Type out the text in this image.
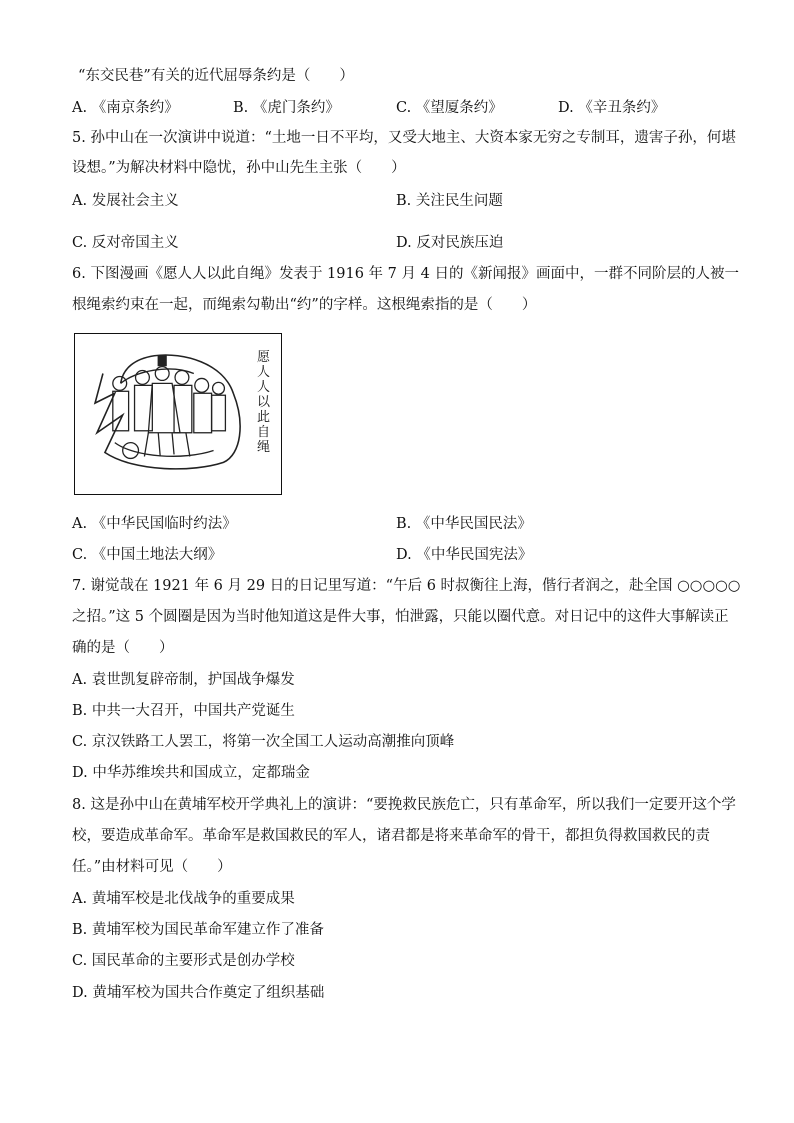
“东交民巷”有关的近代屈辱条约是（　　）
A. 《南京条约》	B. 《虎门条约》	C. 《望厦条约》	D. 《辛丑条约》
5. 孙中山在一次演讲中说道：“土地一日不平均，又受大地主、大资本家无穷之专制耳，遗害子孙，何堪
设想。”为解决材料中隐忧，孙中山先生主张（　　）
A. 发展社会主义	B. 关注民生问题
C. 反对帝国主义	D. 反对民族压迫
6. 下图漫画《愿人人以此自绳》发表于 1916 年 7 月 4 日的《新闻报》画面中，一群不同阶层的人被一
根绳索约束在一起，而绳索勾勒出“约”的字样。这根绳索指的是（　　）
愿人人以此自绳
A. 《中华民国临时约法》	B. 《中华民国民法》
C. 《中国土地法大纲》	D. 《中华民国宪法》
7. 谢觉哉在 1921 年 6 月 29 日的日记里写道：“午后 6 时叔衡往上海，偕行者润之，赴全国 ○○○○○
之招。”这 5 个圆圈是因为当时他知道这是件大事，怕泄露，只能以圈代意。对日记中的这件大事解读正
确的是（　　）
A. 袁世凯复辟帝制，护国战争爆发
B. 中共一大召开，中国共产党诞生
C. 京汉铁路工人罢工，将第一次全国工人运动高潮推向顶峰
D. 中华苏维埃共和国成立，定都瑞金
8. 这是孙中山在黄埔军校开学典礼上的演讲：“要挽救民族危亡，只有革命军，所以我们一定要开这个学
校，要造成革命军。革命军是救国救民的军人，诸君都是将来革命军的骨干，都担负得救国救民的责
任。”由材料可见（　　）
A. 黄埔军校是北伐战争的重要成果
B. 黄埔军校为国民革命军建立作了准备
C. 国民革命的主要形式是创办学校
D. 黄埔军校为国共合作奠定了组织基础
